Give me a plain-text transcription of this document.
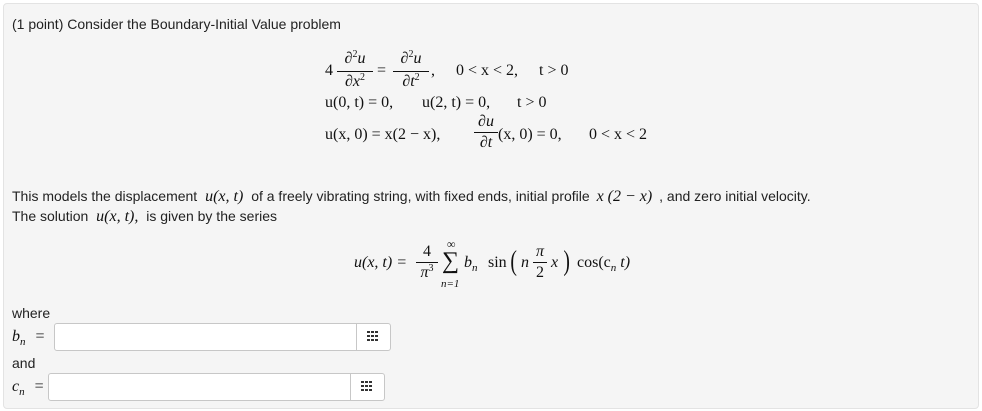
(1 point) Consider the Boundary-Initial Value problem
4
∂$^2$u
$\partial x^2$ =
∂$^2$u
$\partial t^2$ , 0 < x < 2, t > 0
u(0, t) = 0, u(2, t) = 0, t > 0
u(x, 0) = x(2 − x),
∂u
∂t (x, 0) = 0, 0 < x < 2
This models the displacement u(x, t) of a freely vibrating string, with fixed ends, initial profile x (2 − x) , and zero initial velocity.
The solution u(x, t), is given by the series
u(x, t) =
4
$\pi^3$
∞
∑
n=1
$b_n$ sin ( n
π
2
x ) $\cos(c_n$ t)
where
$b_n$ =
and
$c_n$ =
